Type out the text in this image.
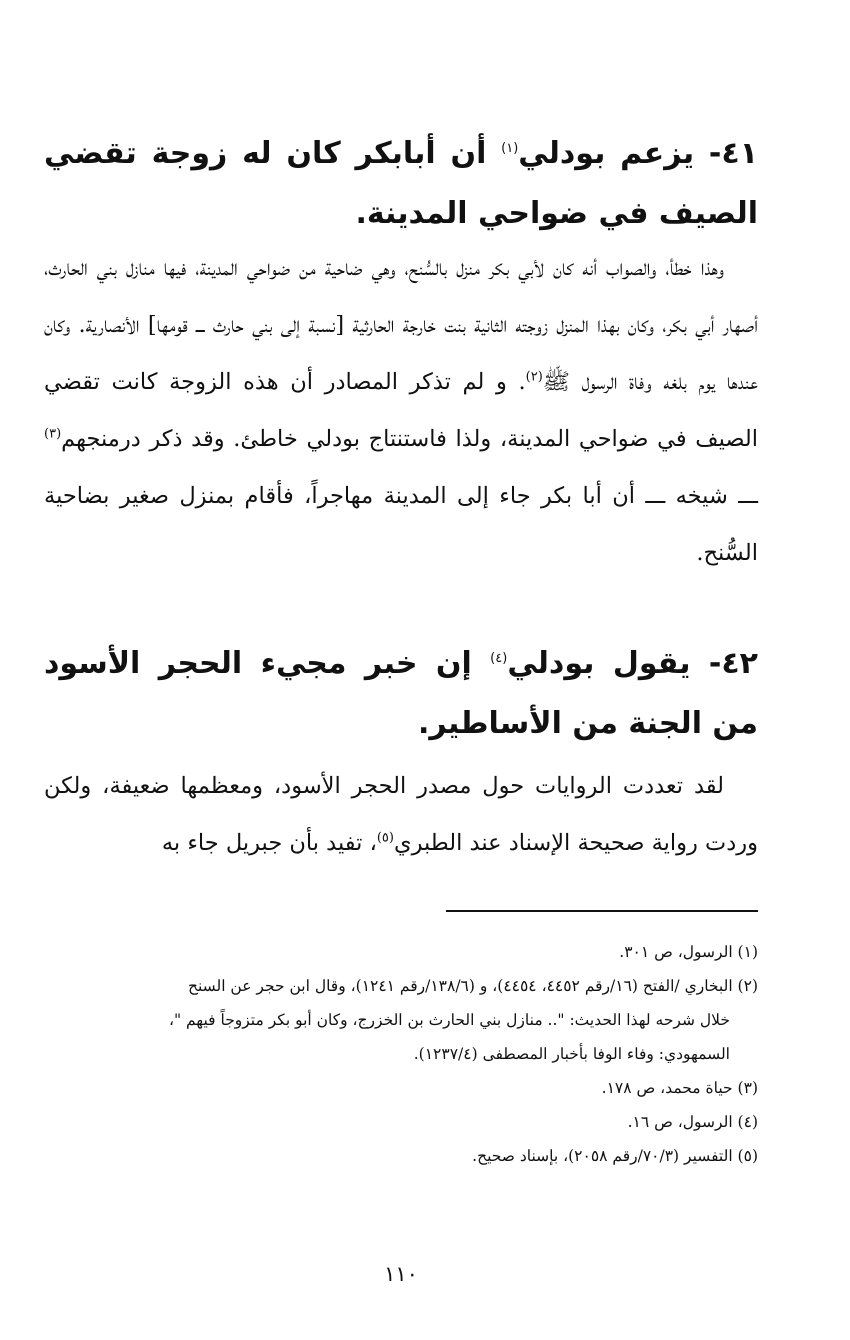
٤١- يزعم بودلي$^{(١)}$ أن أبابكر كان له زوجة تقضي الصيف في ضواحي المدينة.

وهذا خطأ، والصواب أنه كان لأبي بكر منزل بالسُّنح، وهي ضاحية من ضواحي المدينة، فيها منازل بني الحارث، أصهار أبي بكر، وكان بهذا المنزل زوجته الثانية بنت خارجة الحارثية [نسبة إلى بني حارث ـــ قومها] الأنصارية. وكان عندها يوم بلغه وفاة الرسول ﷺ$^{(٢)}$. و لم تذكر المصادر أن هذه الزوجة كانت تقضي الصيف في ضواحي المدينة، ولذا فاستنتاج بودلي خاطئ. وقد ذكر درمنجهم$^{(٣)}$ ـــ شيخه ـــ أن أبا بكر جاء إلى المدينة مهاجراً، فأقام بمنزل صغير بضاحية السُّنح.

٤٢- يقول بودلي$^{(٤)}$ إن خبر مجيء الحجر الأسود من الجنة من الأساطير.

لقد تعددت الروايات حول مصدر الحجر الأسود، ومعظمها ضعيفة، ولكن وردت رواية صحيحة الإسناد عند الطبري$^{(٥)}$، تفيد بأن جبريل جاء به

(١) الرسول، ص ٣٠١.

(٢) البخاري /الفتح (١٦/رقم ٤٤٥٢، ٤٤٥٤)، و (١٣٨/٦/رقم ١٢٤١)، وقال ابن حجر عن السنح
خلال شرحه لهذا الحديث: ".. منازل بني الحارث بن الخزرج، وكان أبو بكر متزوجاً فيهم "،
السمهودي: وفاء الوفا بأخبار المصطفى (١٢٣٧/٤).

(٣) حياة محمد، ص ١٧٨.

(٤) الرسول، ص ١٦.

(٥) التفسير (٧٠/٣/رقم ٢٠٥٨)، بإسناد صحيح.

١١٠
